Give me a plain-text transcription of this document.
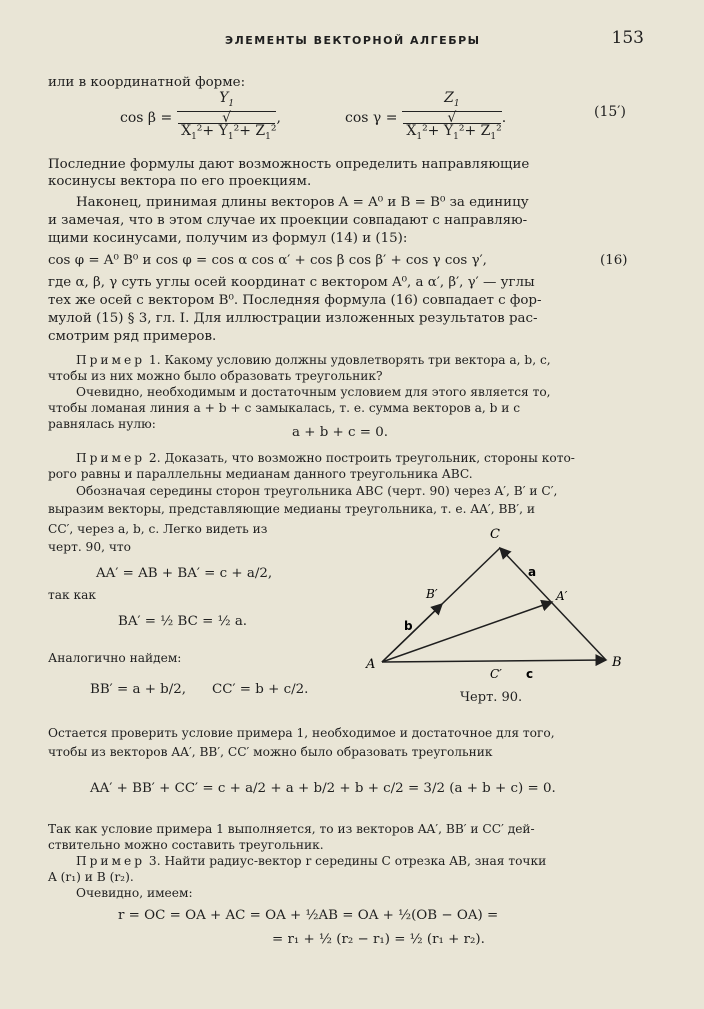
ЭЛЕМЕНТЫ ВЕКТОРНОЙ АЛГЕБРЫ	153
или в координатной форме:
$\cos \beta = Y_1$
√
$X_1^2+ Y_1^2+ Z_1^2$ ,	$\cos \gamma = Z_1$
√
$X_1^2+ Y_1^2+ Z_1^2$ .	(15′)
Последние формулы дают возможность определить направляющие
косинусы вектора по его проекциям.
Наконец, принимая длины векторов A = A⁰ и B = B⁰ за единицу
и замечая, что в этом случае их проекции совпадают с направляю-
щими косинусами, получим из формул (14) и (15):
cos φ = A⁰ B⁰ и cos φ = cos α cos α′ + cos β cos β′ + cos γ cos γ′,	(16)
где α, β, γ суть углы осей координат с вектором A⁰, а α′, β′, γ′ — углы
тех же осей с вектором B⁰. Последняя формула (16) совпадает с фор-
мулой (15) § 3, гл. I. Для иллюстрации изложенных результатов рас-
смотрим ряд примеров.
Пример 1. Какому условию должны удовлетворять три вектора a, b, c,
чтобы из них можно было образовать треугольник?
Очевидно, необходимым и достаточным условием для этого является то,
чтобы ломаная линия a + b + c замыкалась, т. е. сумма векторов a, b и c
равнялась нулю:
a + b + c = 0.
Пример 2. Доказать, что возможно построить треугольник, стороны кото-
рого равны и параллельны медианам данного треугольника ABC.
Обозначая середины сторон треугольника ABC (черт. 90) через A′, B′ и C′,
выразим векторы, представляющие медианы треугольника, т. е. AA′, BB′, и
CC′, через a, b, c. Легко видеть из
черт. 90, что
AA′ = AB + BA′ = c + a/2,
так как
BA′ = ½ BC = ½ a.
Аналогично найдем:
BB′ = a + b/2, CC′ = b + c/2.
C
A	B
A′
B′
C′
a
b
c
Черт. 90.
Остается проверить условие примера 1, необходимое и достаточное для того,
чтобы из векторов AA′, BB′, CC′ можно было образовать треугольник
AA′ + BB′ + CC′ = c + a/2 + a + b/2 + b + c/2 = 3/2 (a + b + c) = 0.
Так как условие примера 1 выполняется, то из векторов AA′, BB′ и CC′ дей-
ствительно можно составить треугольник.
Пример 3. Найти радиус-вектор r середины C отрезка AB, зная точки
A (r₁) и B (r₂).
Очевидно, имеем:
r = OC = OA + AC = OA + ½AB = OA + ½(OB − OA) =
= r₁ + ½ (r₂ − r₁) = ½ (r₁ + r₂).
